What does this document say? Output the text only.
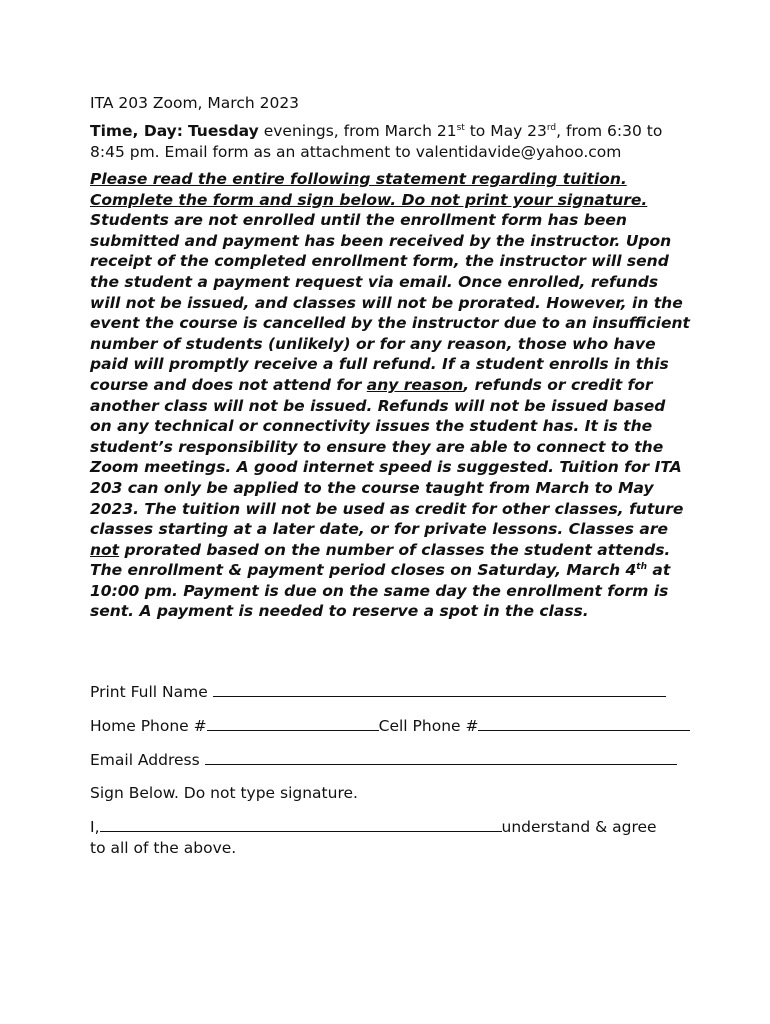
ITA 203 Zoom, March 2023
Time, Day: Tuesday evenings, from March 21st to May 23rd, from 6:30 to
8:45 pm. Email form as an attachment to valentidavide@yahoo.com
Please read the entire following statement regarding tuition.
Complete the form and sign below. Do not print your signature.
Students are not enrolled until the enrollment form has been submitted and payment has been received by the instructor. Upon receipt of the completed enrollment form, the instructor will send the student a payment request via email. Once enrolled, refunds will not be issued, and classes will not be prorated. However, in the event the course is cancelled by the instructor due to an insufficient number of students (unlikely) or for any reason, those who have paid will promptly receive a full refund. If a student enrolls in this course and does not attend for any reason, refunds or credit for another class will not be issued. Refunds will not be issued based on any technical or connectivity issues the student has. It is the student’s responsibility to ensure they are able to connect to the Zoom meetings. A good internet speed is suggested. Tuition for ITA 203 can only be applied to the course taught from March to May 2023. The tuition will not be used as credit for other classes, future classes starting at a later date, or for private lessons. Classes are not prorated based on the number of classes the student attends. The enrollment & payment period closes on Saturday, March 4th at 10:00 pm. Payment is due on the same day the enrollment form is sent. A payment is needed to reserve a spot in the class.
Print Full Name
Home Phone #	Cell Phone #
Email Address
Sign Below. Do not type signature.
I,	understand & agree
to all of the above.
